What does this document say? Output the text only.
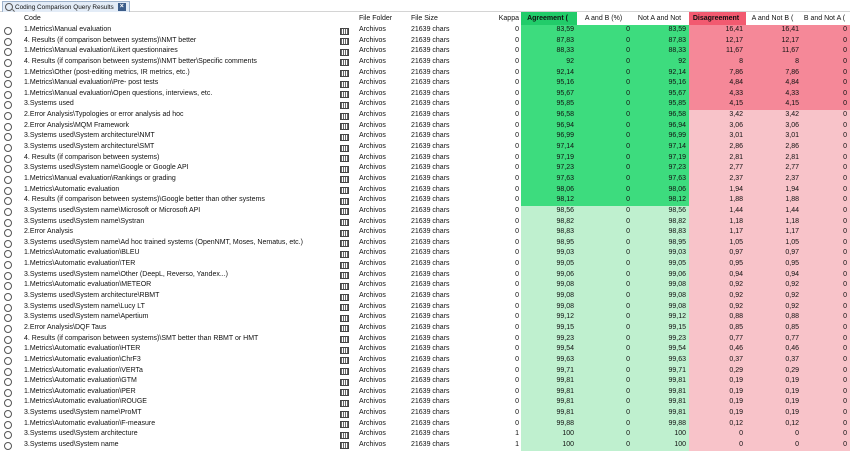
Coding Comparison Query Results ×
Code	File Folder	File Size	Kappa	Agreement (	A and B (%)	Not A and Not	Disagreement	A and Not B (	B and Not A (
1.Metrics\Manual evaluation	Archivos	21639 chars	0	83,59	0	83,59	16,41	16,41	0
4. Results (if comparison between systems)\NMT better	Archivos	21639 chars	0	87,83	0	87,83	12,17	12,17	0
1.Metrics\Manual evaluation\Likert questionnaires	Archivos	21639 chars	0	88,33	0	88,33	11,67	11,67	0
4. Results (if comparison between systems)\NMT better\Specific comments	Archivos	21639 chars	0	92	0	92	8	8	0
1.Metrics\Other (post-editing metrics, IR metrics, etc.)	Archivos	21639 chars	0	92,14	0	92,14	7,86	7,86	0
1.Metrics\Manual evaluation\Pre- post tests	Archivos	21639 chars	0	95,16	0	95,16	4,84	4,84	0
1.Metrics\Manual evaluation\Open questions, interviews, etc.	Archivos	21639 chars	0	95,67	0	95,67	4,33	4,33	0
3.Systems used	Archivos	21639 chars	0	95,85	0	95,85	4,15	4,15	0
2.Error Analysis\Typologies or error analysis ad hoc	Archivos	21639 chars	0	96,58	0	96,58	3,42	3,42	0
2.Error Analysis\MQM Framework	Archivos	21639 chars	0	96,94	0	96,94	3,06	3,06	0
3.Systems used\System architecture\NMT	Archivos	21639 chars	0	96,99	0	96,99	3,01	3,01	0
3.Systems used\System architecture\SMT	Archivos	21639 chars	0	97,14	0	97,14	2,86	2,86	0
4. Results (if comparison between systems)	Archivos	21639 chars	0	97,19	0	97,19	2,81	2,81	0
3.Systems used\System name\Google or Google API	Archivos	21639 chars	0	97,23	0	97,23	2,77	2,77	0
1.Metrics\Manual evaluation\Rankings or grading	Archivos	21639 chars	0	97,63	0	97,63	2,37	2,37	0
1.Metrics\Automatic evaluation	Archivos	21639 chars	0	98,06	0	98,06	1,94	1,94	0
4. Results (if comparison between systems)\Google better than other systems	Archivos	21639 chars	0	98,12	0	98,12	1,88	1,88	0
3.Systems used\System name\Microsoft or Microsoft API	Archivos	21639 chars	0	98,56	0	98,56	1,44	1,44	0
3.Systems used\System name\Systran	Archivos	21639 chars	0	98,82	0	98,82	1,18	1,18	0
2.Error Analysis	Archivos	21639 chars	0	98,83	0	98,83	1,17	1,17	0
3.Systems used\System name\Ad hoc trained systems (OpenNMT, Moses, Nematus, etc.)	Archivos	21639 chars	0	98,95	0	98,95	1,05	1,05	0
1.Metrics\Automatic evaluation\BLEU	Archivos	21639 chars	0	99,03	0	99,03	0,97	0,97	0
1.Metrics\Automatic evaluation\TER	Archivos	21639 chars	0	99,05	0	99,05	0,95	0,95	0
3.Systems used\System name\Other (DeepL, Reverso, Yandex...)	Archivos	21639 chars	0	99,06	0	99,06	0,94	0,94	0
1.Metrics\Automatic evaluation\METEOR	Archivos	21639 chars	0	99,08	0	99,08	0,92	0,92	0
3.Systems used\System architecture\RBMT	Archivos	21639 chars	0	99,08	0	99,08	0,92	0,92	0
3.Systems used\System name\Lucy LT	Archivos	21639 chars	0	99,08	0	99,08	0,92	0,92	0
3.Systems used\System name\Apertium	Archivos	21639 chars	0	99,12	0	99,12	0,88	0,88	0
2.Error Analysis\DQF Taus	Archivos	21639 chars	0	99,15	0	99,15	0,85	0,85	0
4. Results (if comparison between systems)\SMT better than RBMT or HMT	Archivos	21639 chars	0	99,23	0	99,23	0,77	0,77	0
1.Metrics\Automatic evaluation\HTER	Archivos	21639 chars	0	99,54	0	99,54	0,46	0,46	0
1.Metrics\Automatic evaluation\ChrF3	Archivos	21639 chars	0	99,63	0	99,63	0,37	0,37	0
1.Metrics\Automatic evaluation\VERTa	Archivos	21639 chars	0	99,71	0	99,71	0,29	0,29	0
1.Metrics\Automatic evaluation\GTM	Archivos	21639 chars	0	99,81	0	99,81	0,19	0,19	0
1.Metrics\Automatic evaluation\PER	Archivos	21639 chars	0	99,81	0	99,81	0,19	0,19	0
1.Metrics\Automatic evaluation\ROUGE	Archivos	21639 chars	0	99,81	0	99,81	0,19	0,19	0
3.Systems used\System name\ProMT	Archivos	21639 chars	0	99,81	0	99,81	0,19	0,19	0
1.Metrics\Automatic evaluation\F-measure	Archivos	21639 chars	0	99,88	0	99,88	0,12	0,12	0
3.Systems used\System architecture	Archivos	21639 chars	1	100	0	100	0	0	0
3.Systems used\System name	Archivos	21639 chars	1	100	0	100	0	0	0
